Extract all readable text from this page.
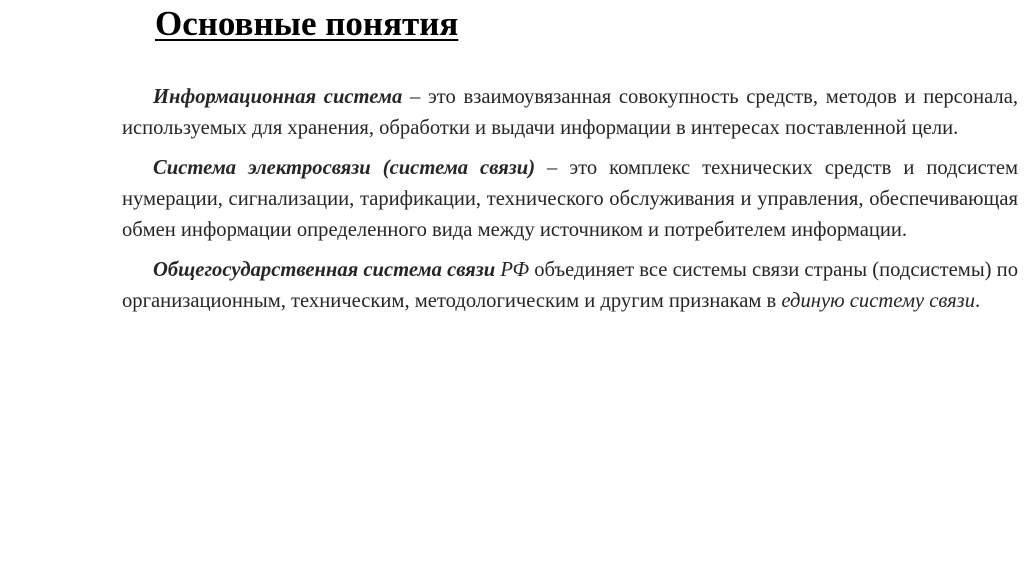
Основные понятия

Информационная система – это взаимоувязанная совокупность средств, методов и персонала, используемых для хранения, обработки и выдачи информации в интересах поставленной цели.

Система электросвязи (система связи) – это комплекс технических средств и подсистем нумерации, сигнализации, тарификации, технического обслуживания и управления, обеспечивающая обмен информации определенного вида между источником и потребителем информации.

Общегосударственная система связи РФ объединяет все системы связи страны (подсистемы) по организационным, техническим, методологическим и другим признакам в единую систему связи.
